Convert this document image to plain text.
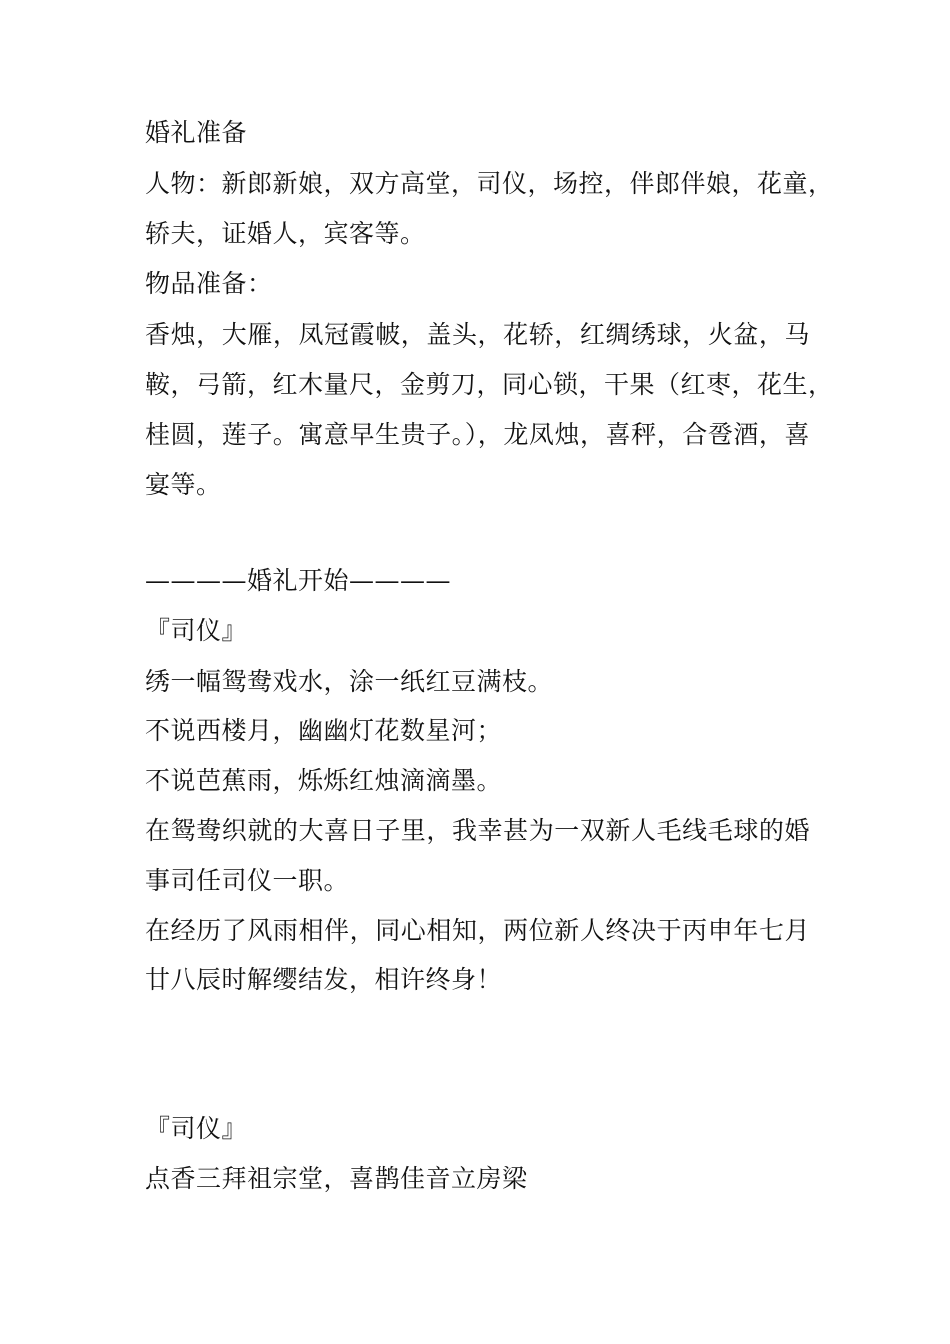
婚礼准备
人物：新郎新娘，双方高堂，司仪，场控，伴郎伴娘，花童，
轿夫，证婚人，宾客等。
物品准备：
香烛，大雁，凤冠霞帔，盖头，花轿，红绸绣球，火盆，马
鞍，弓箭，红木量尺，金剪刀，同心锁，干果（红枣，花生，
桂圆，莲子。寓意早生贵子。），龙凤烛，喜秤，合卺酒，喜
宴等。
————婚礼开始————
『司仪』
绣一幅鸳鸯戏水，涂一纸红豆满枝。
不说西楼月，幽幽灯花数星河；
不说芭蕉雨，烁烁红烛滴滴墨。
在鸳鸯织就的大喜日子里，我幸甚为一双新人毛线毛球的婚
事司任司仪一职。
在经历了风雨相伴，同心相知，两位新人终决于丙申年七月
廿八辰时解缨结发，相许终身！
『司仪』
点香三拜祖宗堂，喜鹊佳音立房梁
